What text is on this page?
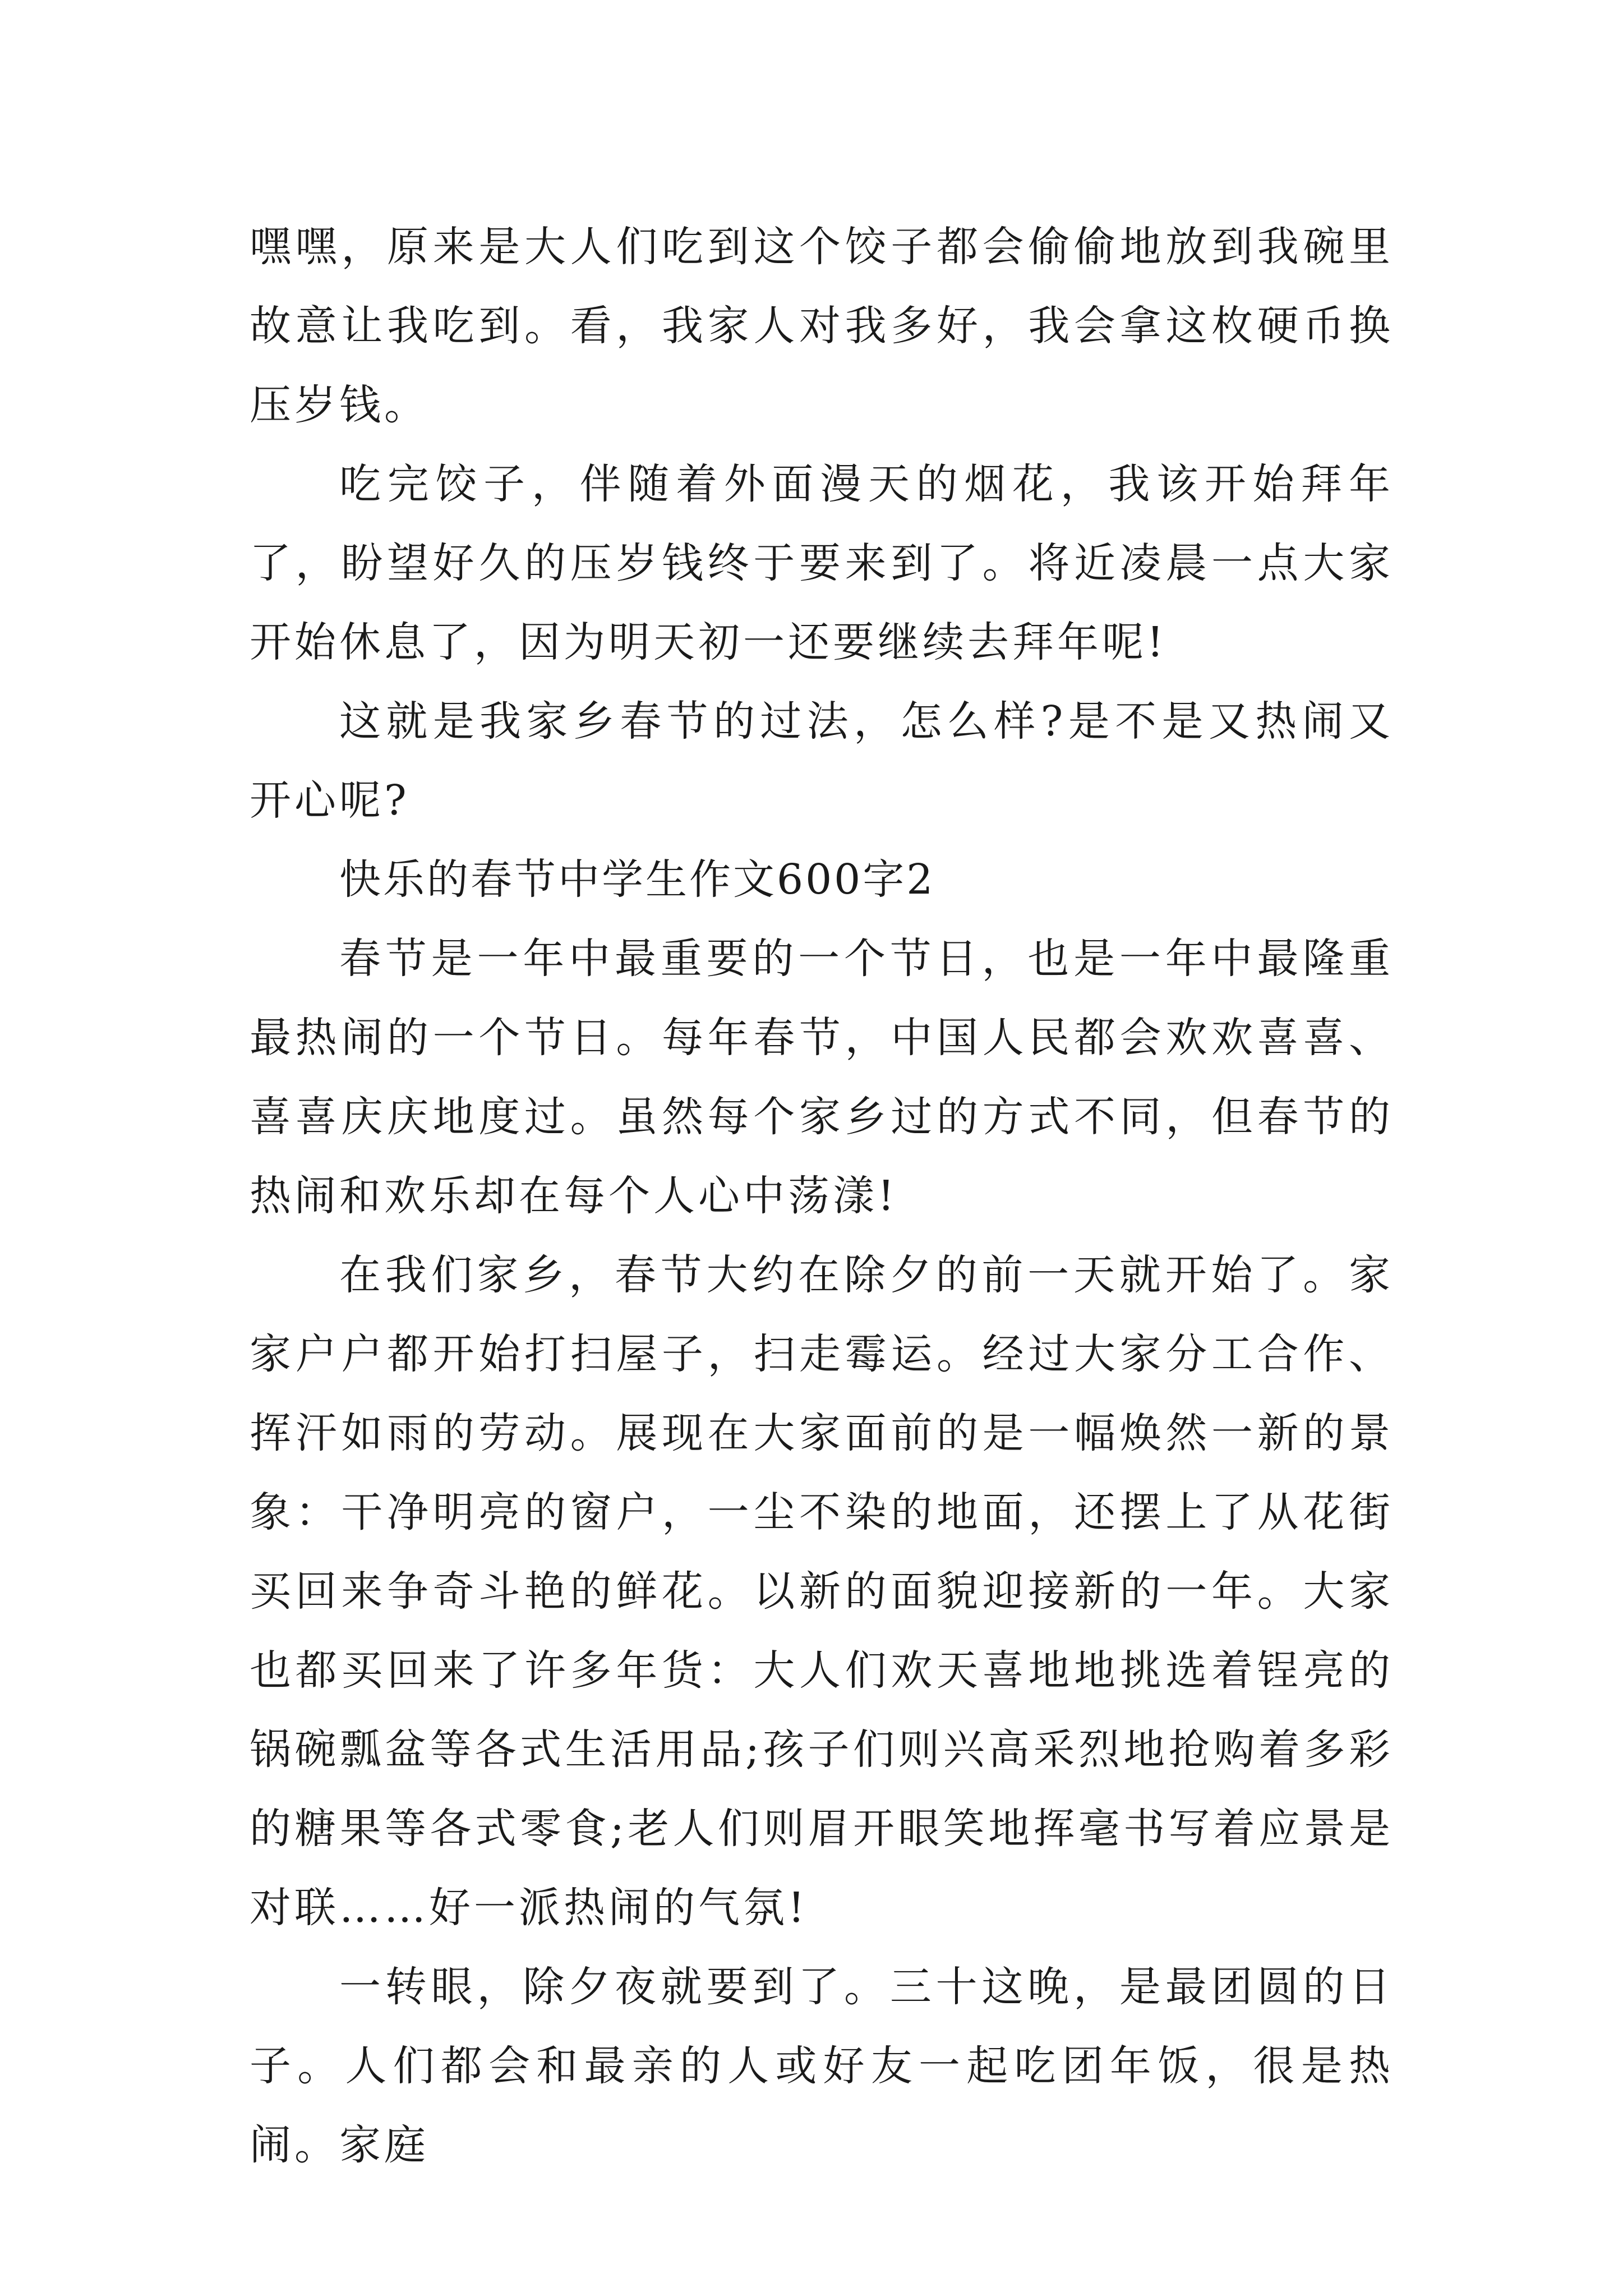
嘿嘿，原来是大人们吃到这个饺子都会偷偷地放到我碗里故意让我吃到。看，我家人对我多好，我会拿这枚硬币换压岁钱。

吃完饺子，伴随着外面漫天的烟花，我该开始拜年了，盼望好久的压岁钱终于要来到了。将近凌晨一点大家开始休息了，因为明天初一还要继续去拜年呢!

这就是我家乡春节的过法，怎么样?是不是又热闹又开心呢?

快乐的春节中学生作文600字2

春节是一年中最重要的一个节日，也是一年中最隆重最热闹的一个节日。每年春节，中国人民都会欢欢喜喜、喜喜庆庆地度过。虽然每个家乡过的方式不同，但春节的热闹和欢乐却在每个人心中荡漾!

在我们家乡，春节大约在除夕的前一天就开始了。家家户户都开始打扫屋子，扫走霉运。经过大家分工合作、挥汗如雨的劳动。展现在大家面前的是一幅焕然一新的景象：干净明亮的窗户，一尘不染的地面，还摆上了从花街买回来争奇斗艳的鲜花。以新的面貌迎接新的一年。大家也都买回来了许多年货：大人们欢天喜地地挑选着锃亮的锅碗瓢盆等各式生活用品;孩子们则兴高采烈地抢购着多彩的糖果等各式零食;老人们则眉开眼笑地挥毫书写着应景是对联……好一派热闹的气氛!

一转眼，除夕夜就要到了。三十这晚，是最团圆的日子。人们都会和最亲的人或好友一起吃团年饭，很是热闹。家庭
